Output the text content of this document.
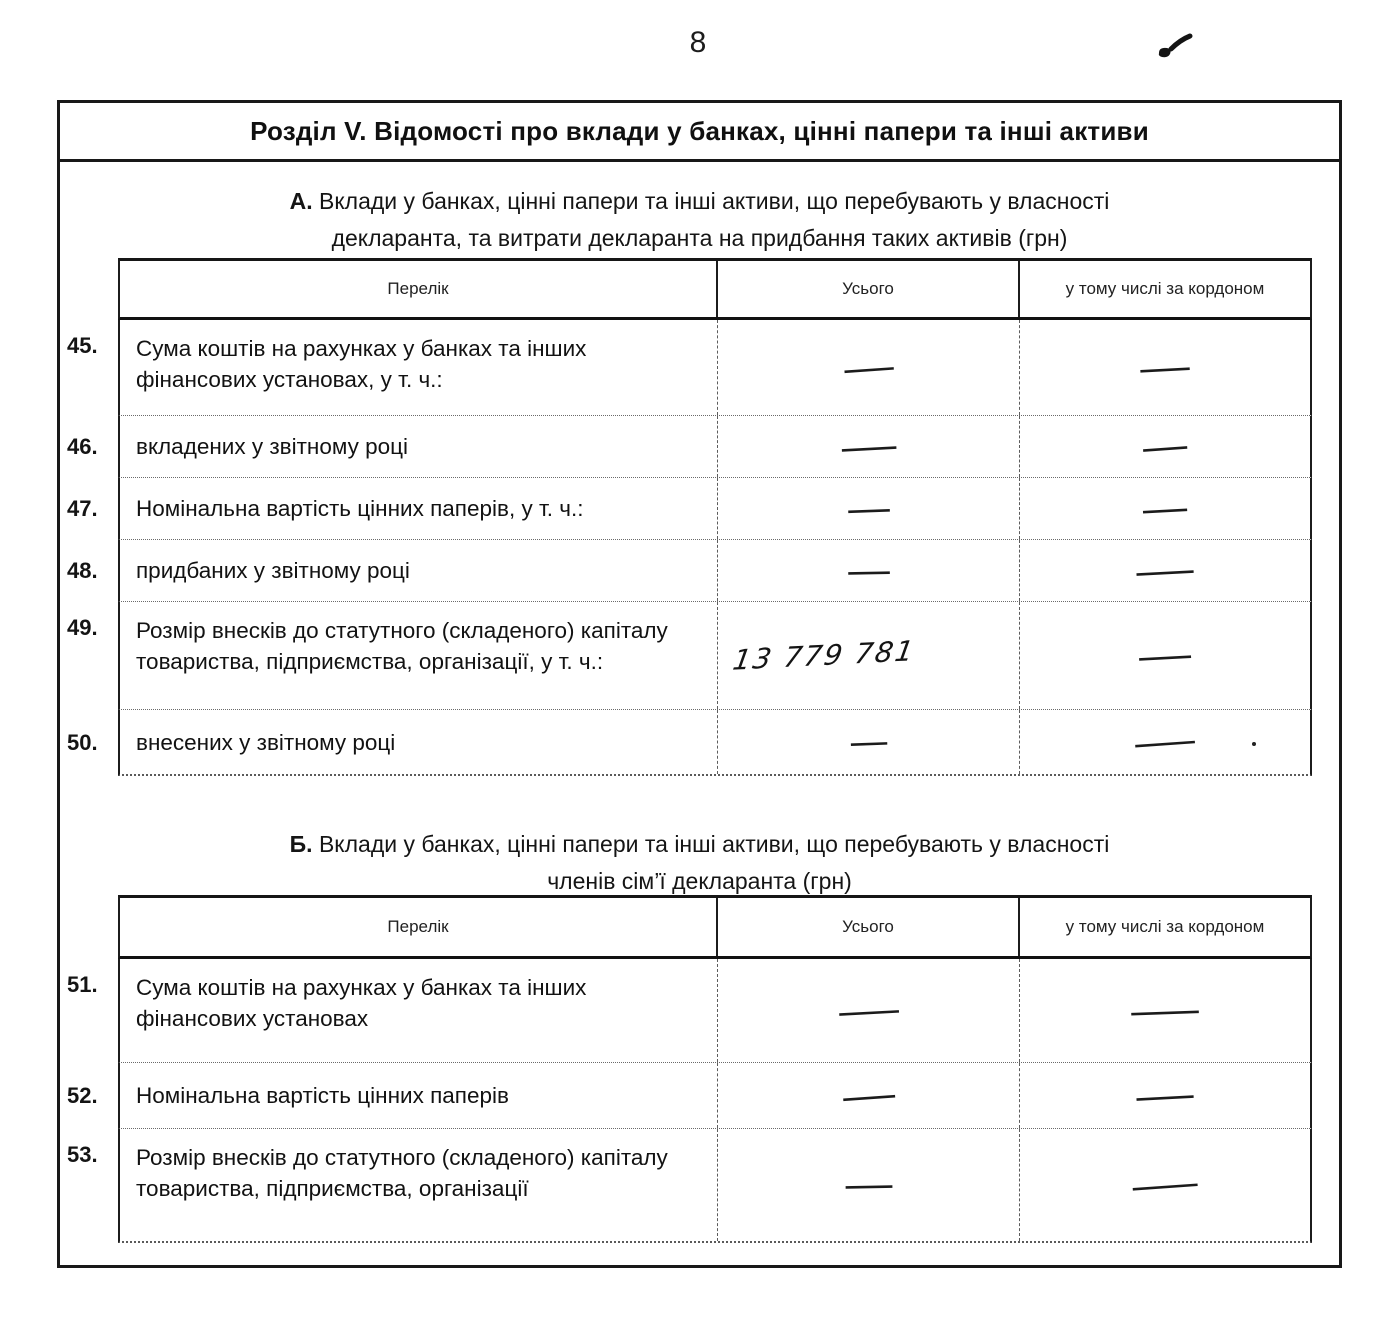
8
Розділ V. Відомості про вклади у банках, цінні папери та інші активи
А. Вклади у банках, цінні папери та інші активи, що перебувають у власності
декларанта, та витрати декларанта на придбання таких активів (грн)
Перелік	Усього	у тому числі за кордоном
45.	Сума коштів на рахунках у банках та інших фінансових установах, у т. ч.:	—	—
46.	вкладених у звітному році	—	—
47.	Номінальна вартість цінних паперів, у т. ч.:	—	—
48.	придбаних у звітному році	—	—
49.	Розмір внесків до статутного (складеного) капіталу товариства, підприємства, організації, у т. ч.:	13 779 781	—
50.	внесених у звітному році	—	—
Б. Вклади у банках, цінні папери та інші активи, що перебувають у власності
членів сім’ї декларанта (грн)
Перелік	Усього	у тому числі за кордоном
51.	Сума коштів на рахунках у банках та інших фінансових установах	—	—
52.	Номінальна вартість цінних паперів	—	—
53.	Розмір внесків до статутного (складеного) капіталу товариства, підприємства, організації	—	—
